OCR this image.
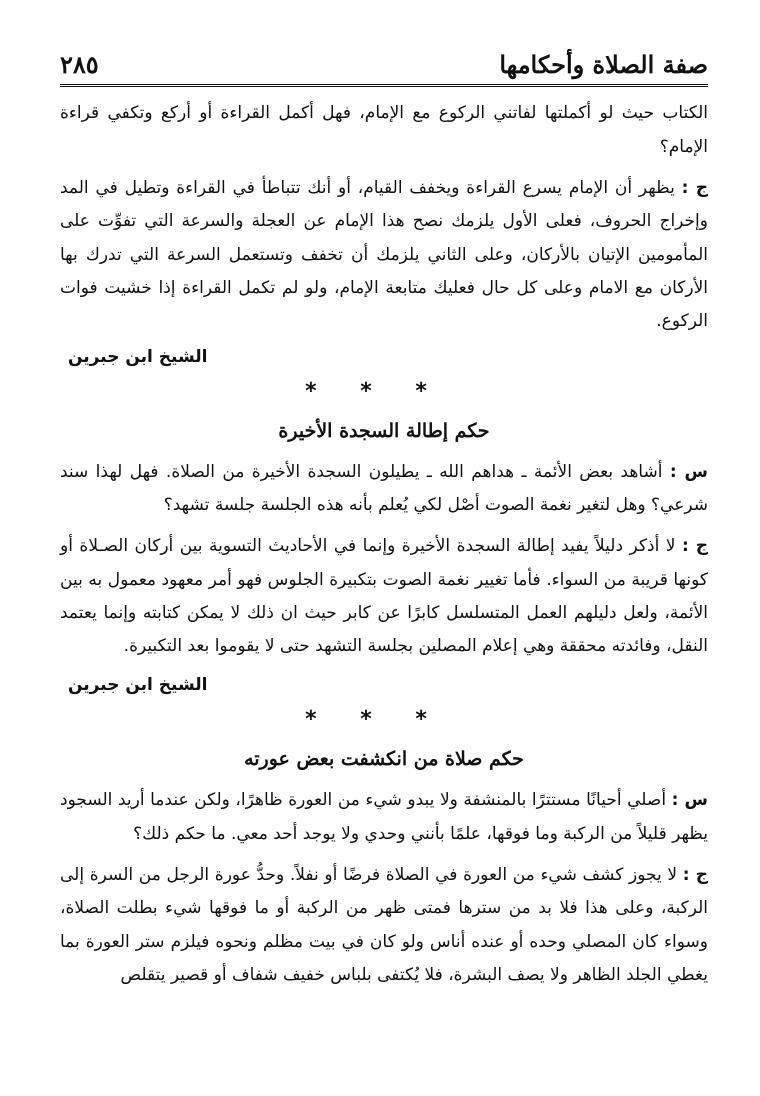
صفة الصلاة وأحكامها
٢٨٥

الكتاب حيث لو أكملتها لفاتني الركوع مع الإمام، فهل أكمل القراءة أو أركع وتكفي قراءة الإمام؟

ج : يظهر أن الإمام يسرع القراءة ويخفف القيام، أو أنك تتباطأ في القراءة وتطيل في المد وإخراج الحروف، فعلى الأول يلزمك نصح هذا الإمام عن العجلة والسرعة التي تفوِّت على المأمومين الإتيان بالأركان، وعلى الثاني يلزمك أن تخفف وتستعمل السرعة التي تدرك بها الأركان مع الامام وعلى كل حال فعليك متابعة الإمام، ولو لم تكمل القراءة إذا خشيت فوات الركوع.

الشيخ ابن جبرين
* * *
حكم إطالة السجدة الأخيرة

س : أشاهد بعض الأئمة ـ هداهم الله ـ يطيلون السجدة الأخيرة من الصلاة. فهل لهذا سند شرعي؟ وهل لتغير نغمة الصوت أصْل لكي يُعلم بأنه هذه الجلسة جلسة تشهد؟

ج : لا أذكر دليلاً يفيد إطالة السجدة الأخيرة وإنما في الأحاديث التسوية بين أركان الصـلاة أو كونها قريبة من السواء. فأما تغيير نغمة الصوت بتكبيرة الجلوس فهو أمر معهود معمول به بين الأئمة، ولعل دليلهم العمل المتسلسل كابرًا عن كابر حيث ان ذلك لا يمكن كتابته وإنما يعتمد النقل، وفائدته محققة وهي إعلام المصلين بجلسة التشهد حتى لا يقوموا بعد التكبيرة.

الشيخ ابن جبرين
* * *
حكم صلاة من انكشفت بعض عورته

س : أصلي أحيانًا مستترًا بالمنشفة ولا يبدو شيء من العورة ظاهرًا، ولكن عندما أريد السجود يظهر قليلاً من الركبة وما فوقها، علمًا بأنني وحدي ولا يوجد أحد معي. ما حكم ذلك؟

ج : لا يجوز كشف شيء من العورة في الصلاة فرضًا أو نفلاً. وحدُّ عورة الرجل من السرة إلى الركبة، وعلى هذا فلا بد من سترها فمتى ظهر من الركبة أو ما فوقها شيء بطلت الصلاة، وسواء كان المصلي وحده أو عنده أناس ولو كان في بيت مظلم ونحوه فيلزم ستر العورة بما يغطي الجلد الظاهر ولا يصف البشرة، فلا يُكتفى بلباس خفيف شفاف أو قصير يتقلص
